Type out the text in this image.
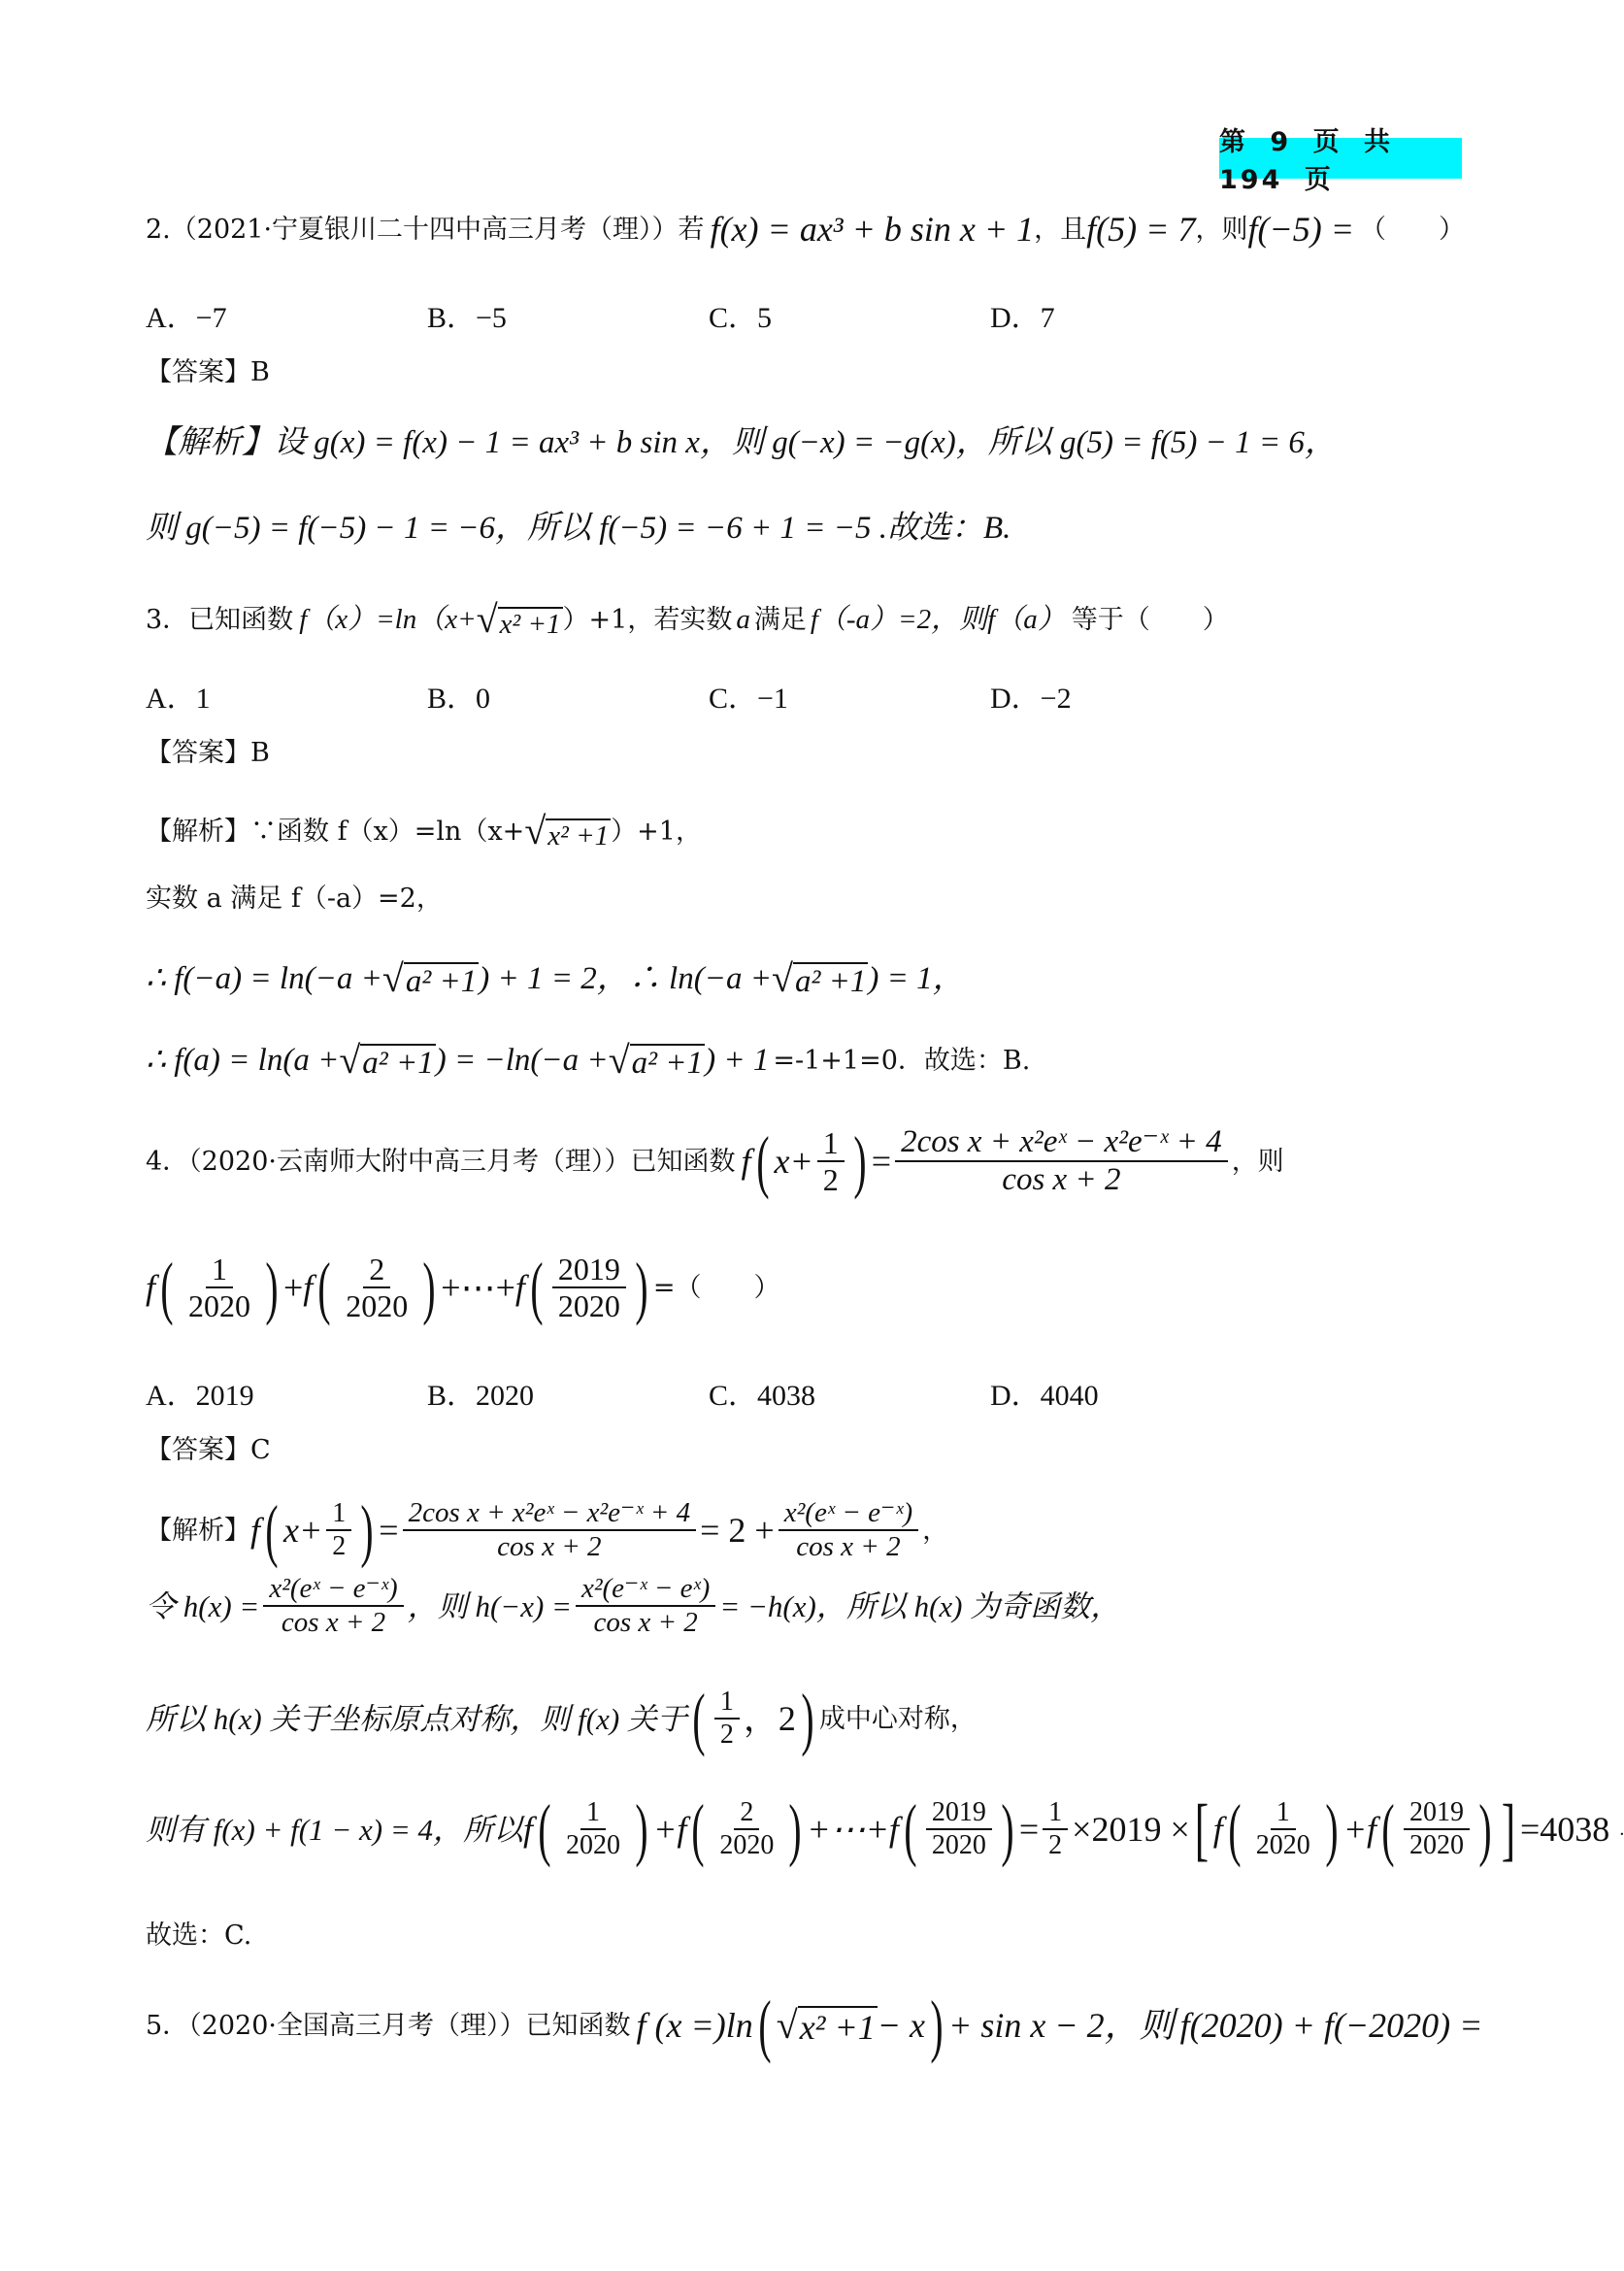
第 9 页 共 194 页
2.（2021·宁夏银川二十四中高三月考（理））若 f(x) = ax³ + b sin x + 1 ，且 f(5) = 7 ，则 f(−5) = （　　）
A．−7	B．−5	C．5	D．7
【答案】B
【解析】设 g(x) = f(x) − 1 = ax³ + b sin x，则 g(−x) = −g(x)，所以 g(5) = f(5) − 1 = 6，
则 g(−5) = f(−5) − 1 = −6，所以 f(−5) = −6 + 1 = −5 .故选：B.
3．已知函数 f（x）=ln（x+ √ x² +1 ）+1，若实数 a 满足 f（-a）=2，则 f（a） 等于（　　）
A．1	B．0	C．−1	D．−2
【答案】B
【解析】∵函数 f（x）=ln（x+ √ x² +1 ）+1，
实数 a 满足 f（-a）=2，
∴ f(−a) = ln(−a + √ a² +1 ) + 1 = 2，∴ ln(−a + √ a² +1 ) = 1，
∴ f(a) = ln(a + √ a² +1 ) = −ln(−a + √ a² +1 ) + 1 =-1+1=0．故选：B.
4．（2020·云南师大附中高三月考（理））已知函数 f ( $x+ \frac{1}{2}$ ) = $\frac{\text{2cos x + x²eˣ − x²e⁻ˣ + 4}}{\text{cos x + 2}}$ ，则
f ( $\frac{1}{2020}$ ) + f ( $\frac{2}{2020}$ ) +⋯+ f ( $\frac{2019}{2020}$ ) =（　　）
A．2019	B．2020	C．4038	D．4040
【答案】C
【解析】 f ( $x+ \frac{1}{2}$ ) = $\frac{\text{2cos x + x²eˣ − x²e⁻ˣ + 4}}{\text{cos x + 2}} = 2 + \frac{\text{x²(eˣ − e⁻ˣ)}}{\text{cos x + 2}}$ ，
令 $h(x) = \frac{\text{x²(eˣ − e⁻ˣ)}}{\text{cos x + 2}}$ ，则 $h(-x) = \frac{\text{x²(e⁻ˣ − eˣ)}}{\text{cos x + 2}} = -h(x)$，所以 h(x) 为奇函数，
所以 h(x) 关于坐标原点对称，则 f(x) 关于 ( $\frac{1}{2}$ ，2 ) 成中心对称，
则有 f(x) + f(1 − x) = 4，所以 f ( $\frac{1}{2020}$ ) +f ( $\frac{2}{2020}$ ) +⋯+f ( $\frac{2019}{2020}$ ) = $\frac{1}{2} \times 2019$ × [ f ( $\frac{1}{2020}$ ) +f ( $\frac{2019}{2020}$ ) ] =4038 .
故选：C.
5．（2020·全国高三月考（理））已知函数 f (x =)ln ( √ x² +1 − x ) + sin x − 2，则 f(2020) + f(−2020) =
